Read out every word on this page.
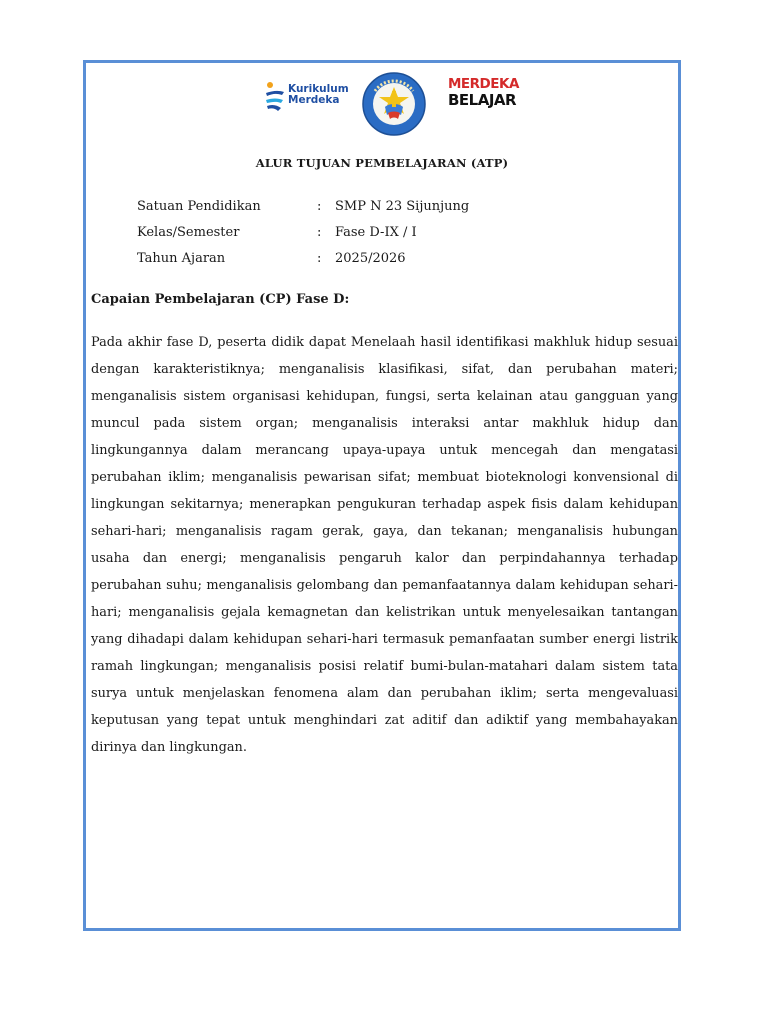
Kurikulum
Merdeka
MERDEKA
BELAJAR
ALUR TUJUAN PEMBELAJARAN (ATP)
Satuan Pendidikan	:	SMP N 23 Sijunjung
Kelas/Semester	:	Fase D-IX / I
Tahun Ajaran	:	2025/2026
Capaian Pembelajaran (CP) Fase D:

Pada akhir fase D, peserta didik dapat Menelaah hasil identifikasi makhluk hidup sesuai dengan karakteristiknya; menganalisis klasifikasi, sifat, dan perubahan materi; menganalisis sistem organisasi kehidupan, fungsi, serta kelainan atau gangguan yang muncul pada sistem organ; menganalisis interaksi antar makhluk hidup dan lingkungannya dalam merancang upaya-upaya untuk mencegah dan mengatasi perubahan iklim; menganalisis pewarisan sifat; membuat bioteknologi konvensional di lingkungan sekitarnya; menerapkan pengukuran terhadap aspek fisis dalam kehidupan sehari-hari; menganalisis ragam gerak, gaya, dan tekanan; menganalisis hubungan usaha dan energi; menganalisis pengaruh kalor dan perpindahannya terhadap perubahan suhu; menganalisis gelombang dan pemanfaatannya dalam kehidupan sehari-hari; menganalisis gejala kemagnetan dan kelistrikan untuk menyelesaikan tantangan yang dihadapi dalam kehidupan sehari-hari termasuk pemanfaatan sumber energi listrik ramah lingkungan; menganalisis posisi relatif bumi-bulan-matahari dalam sistem tata surya untuk menjelaskan fenomena alam dan perubahan iklim; serta mengevaluasi keputusan yang tepat untuk menghindari zat aditif dan adiktif yang membahayakan dirinya dan lingkungan.
